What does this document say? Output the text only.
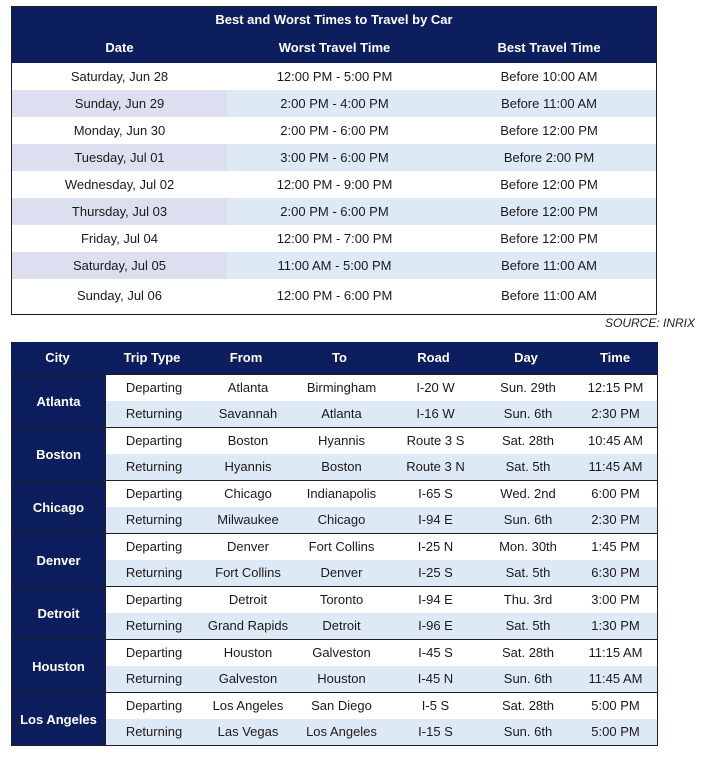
Best and Worst Times to Travel by Car
Date	Worst Travel Time	Best Travel Time
Saturday, Jun 28	12:00 PM - 5:00 PM	Before 10:00 AM
Sunday, Jun 29	2:00 PM - 4:00 PM	Before 11:00 AM
Monday, Jun 30	2:00 PM - 6:00 PM	Before 12:00 PM
Tuesday, Jul 01	3:00 PM - 6:00 PM	Before 2:00 PM
Wednesday, Jul 02	12:00 PM - 9:00 PM	Before 12:00 PM
Thursday, Jul 03	2:00 PM - 6:00 PM	Before 12:00 PM
Friday, Jul 04	12:00 PM - 7:00 PM	Before 12:00 PM
Saturday, Jul 05	11:00 AM - 5:00 PM	Before 11:00 AM
Sunday, Jul 06	12:00 PM - 6:00 PM	Before 11:00 AM
SOURCE: INRIX
City	Trip Type	From	To	Road	Day	Time
Atlanta
Departing	Atlanta	Birmingham	I-20 W	Sun. 29th	12:15 PM
Returning	Savannah	Atlanta	I-16 W	Sun. 6th	2:30 PM
Boston
Departing	Boston	Hyannis	Route 3 S	Sat. 28th	10:45 AM
Returning	Hyannis	Boston	Route 3 N	Sat. 5th	11:45 AM
Chicago
Departing	Chicago	Indianapolis	I-65 S	Wed. 2nd	6:00 PM
Returning	Milwaukee	Chicago	I-94 E	Sun. 6th	2:30 PM
Denver
Departing	Denver	Fort Collins	I-25 N	Mon. 30th	1:45 PM
Returning	Fort Collins	Denver	I-25 S	Sat. 5th	6:30 PM
Detroit
Departing	Detroit	Toronto	I-94 E	Thu. 3rd	3:00 PM
Returning	Grand Rapids	Detroit	I-96 E	Sat. 5th	1:30 PM
Houston
Departing	Houston	Galveston	I-45 S	Sat. 28th	11:15 AM
Returning	Galveston	Houston	I-45 N	Sun. 6th	11:45 AM
Los Angeles
Departing	Los Angeles	San Diego	I-5 S	Sat. 28th	5:00 PM
Returning	Las Vegas	Los Angeles	I-15 S	Sun. 6th	5:00 PM
